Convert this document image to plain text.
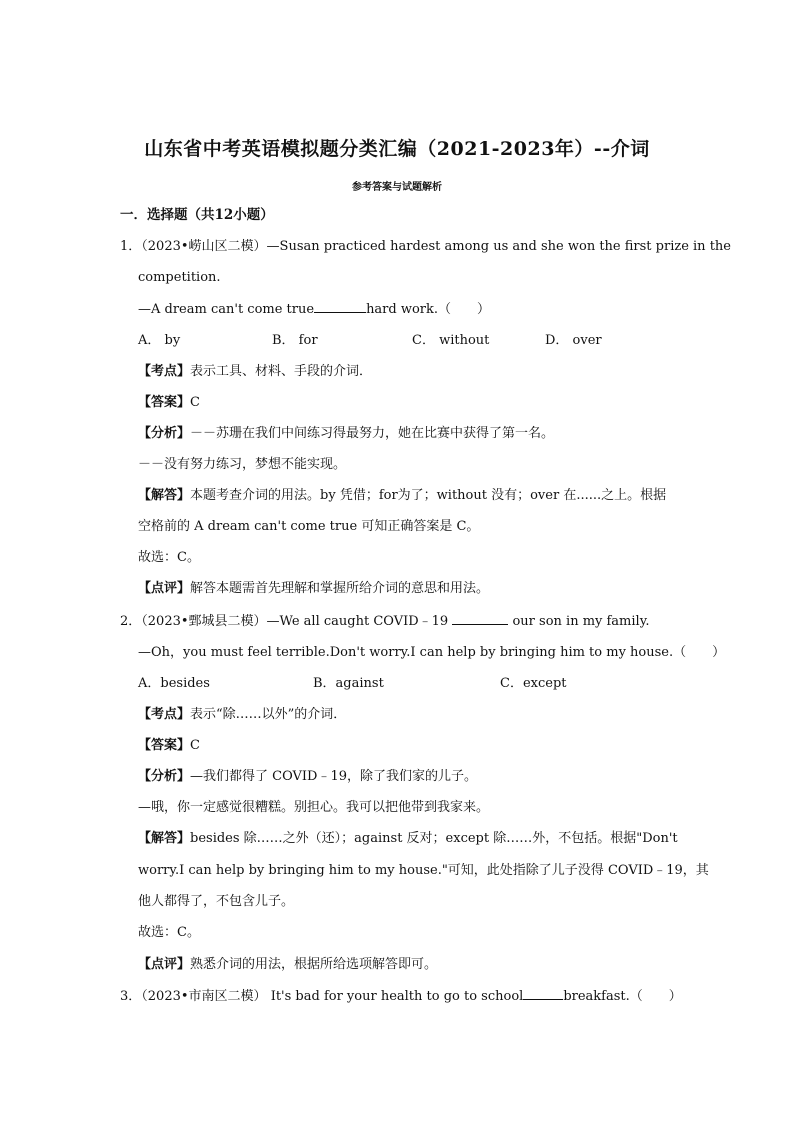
山东省中考英语模拟题分类汇编（2021-2023年）--介词
参考答案与试题解析
一．选择题（共12小题）
1．（2023•崂山区二模）—Susan practiced hardest among us and she won the first prize in the
competition.
—A dream can't come true	hard work.（　　）
A． by	B． for	C． without	D． over
【考点】表示工具、材料、手段的介词．
【答案】C
【分析】－－苏珊在我们中间练习得最努力，她在比赛中获得了第一名。
－－没有努力练习，梦想不能实现。
【解答】本题考查介词的用法。by 凭借；for为了；without 没有；over 在......之上。根据
空格前的 A dream can't come true 可知正确答案是 C。
故选：C。
【点评】解答本题需首先理解和掌握所给介词的意思和用法。
2．（2023•鄄城县二模）—We all caught COVID﹣19	our son in my family.
—Oh，you must feel terrible.Don't worry.I can help by bringing him to my house.（　　）
A．besides	B．against	C．except
【考点】表示“除……以外”的介词．
【答案】C
【分析】—我们都得了 COVID﹣19，除了我们家的儿子。
—哦，你一定感觉很糟糕。别担心。我可以把他带到我家来。
【解答】besides 除……之外（还）；against 反对；except 除……外，不包括。根据"Don't
worry.I can help by bringing him to my house."可知，此处指除了儿子没得 COVID﹣19，其
他人都得了，不包含儿子。
故选：C。
【点评】熟悉介词的用法，根据所给选项解答即可。
3．（2023•市南区二模） It's bad for your health to go to school	breakfast.（　　）
